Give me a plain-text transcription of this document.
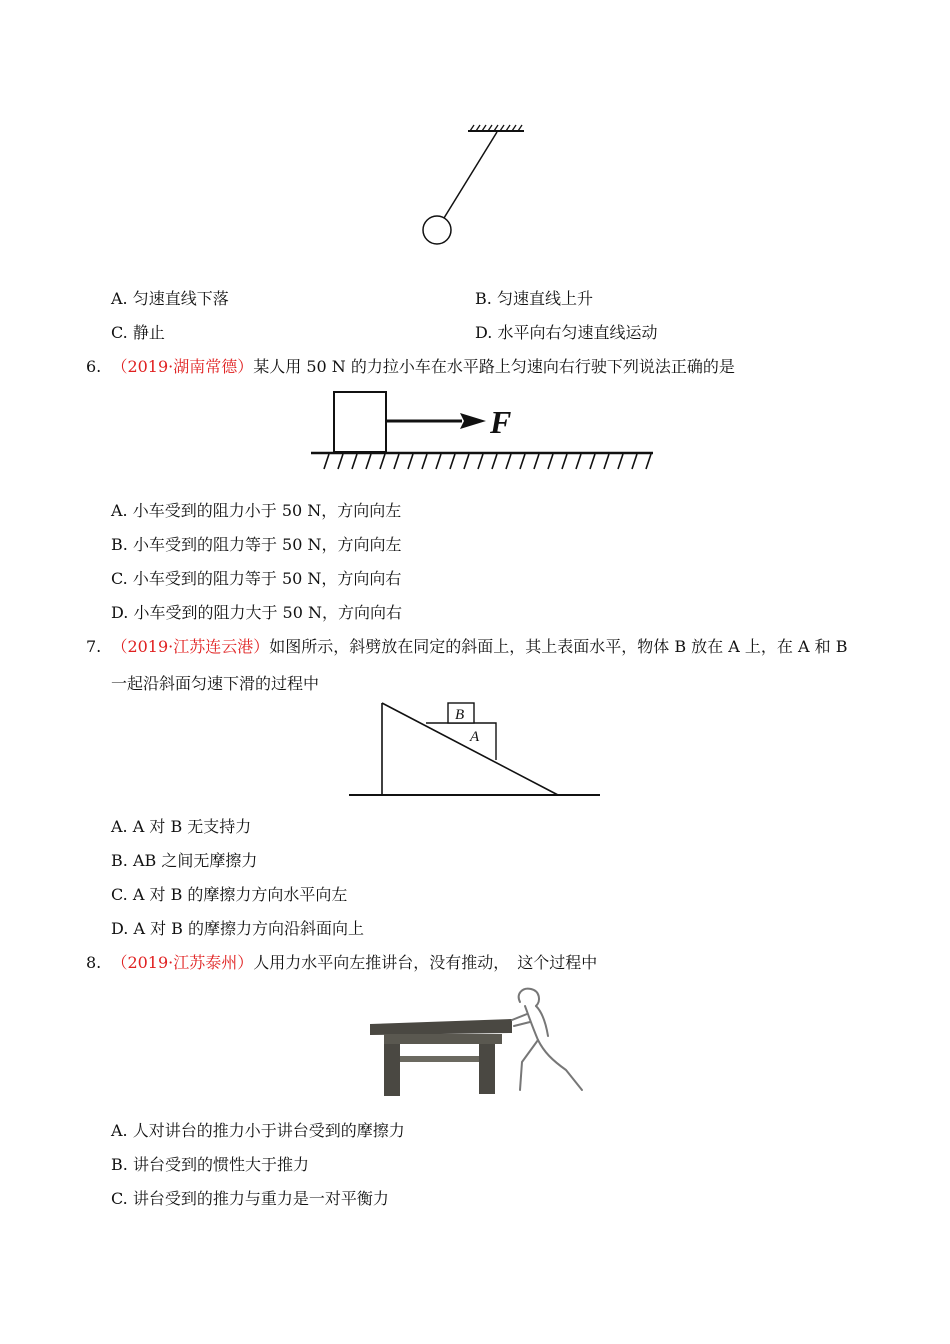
A. 匀速直线下落	B. 匀速直线上升
C. 静止	D. 水平向右匀速直线运动
6. （2019·湖南常德）某人用 50 N 的力拉小车在水平路上匀速向右行驶下列说法正确的是
F
A. 小车受到的阻力小于 50 N，方向向左
B. 小车受到的阻力等于 50 N，方向向左
C. 小车受到的阻力等于 50 N，方向向右
D. 小车受到的阻力大于 50 N，方向向右
7. （2019·江苏连云港）如图所示，斜劈放在同定的斜面上，其上表面水平，物体 B 放在 A 上，在 A 和 B
一起沿斜面匀速下滑的过程中
B
A
A. A 对 B 无支持力
B. AB 之间无摩擦力
C. A 对 B 的摩擦力方向水平向左
D. A 对 B 的摩擦力方向沿斜面向上
8. （2019·江苏泰州）人用力水平向左推讲台，没有推动，　这个过程中
A. 人对讲台的推力小于讲台受到的摩擦力
B. 讲台受到的惯性大于推力
C. 讲台受到的推力与重力是一对平衡力
